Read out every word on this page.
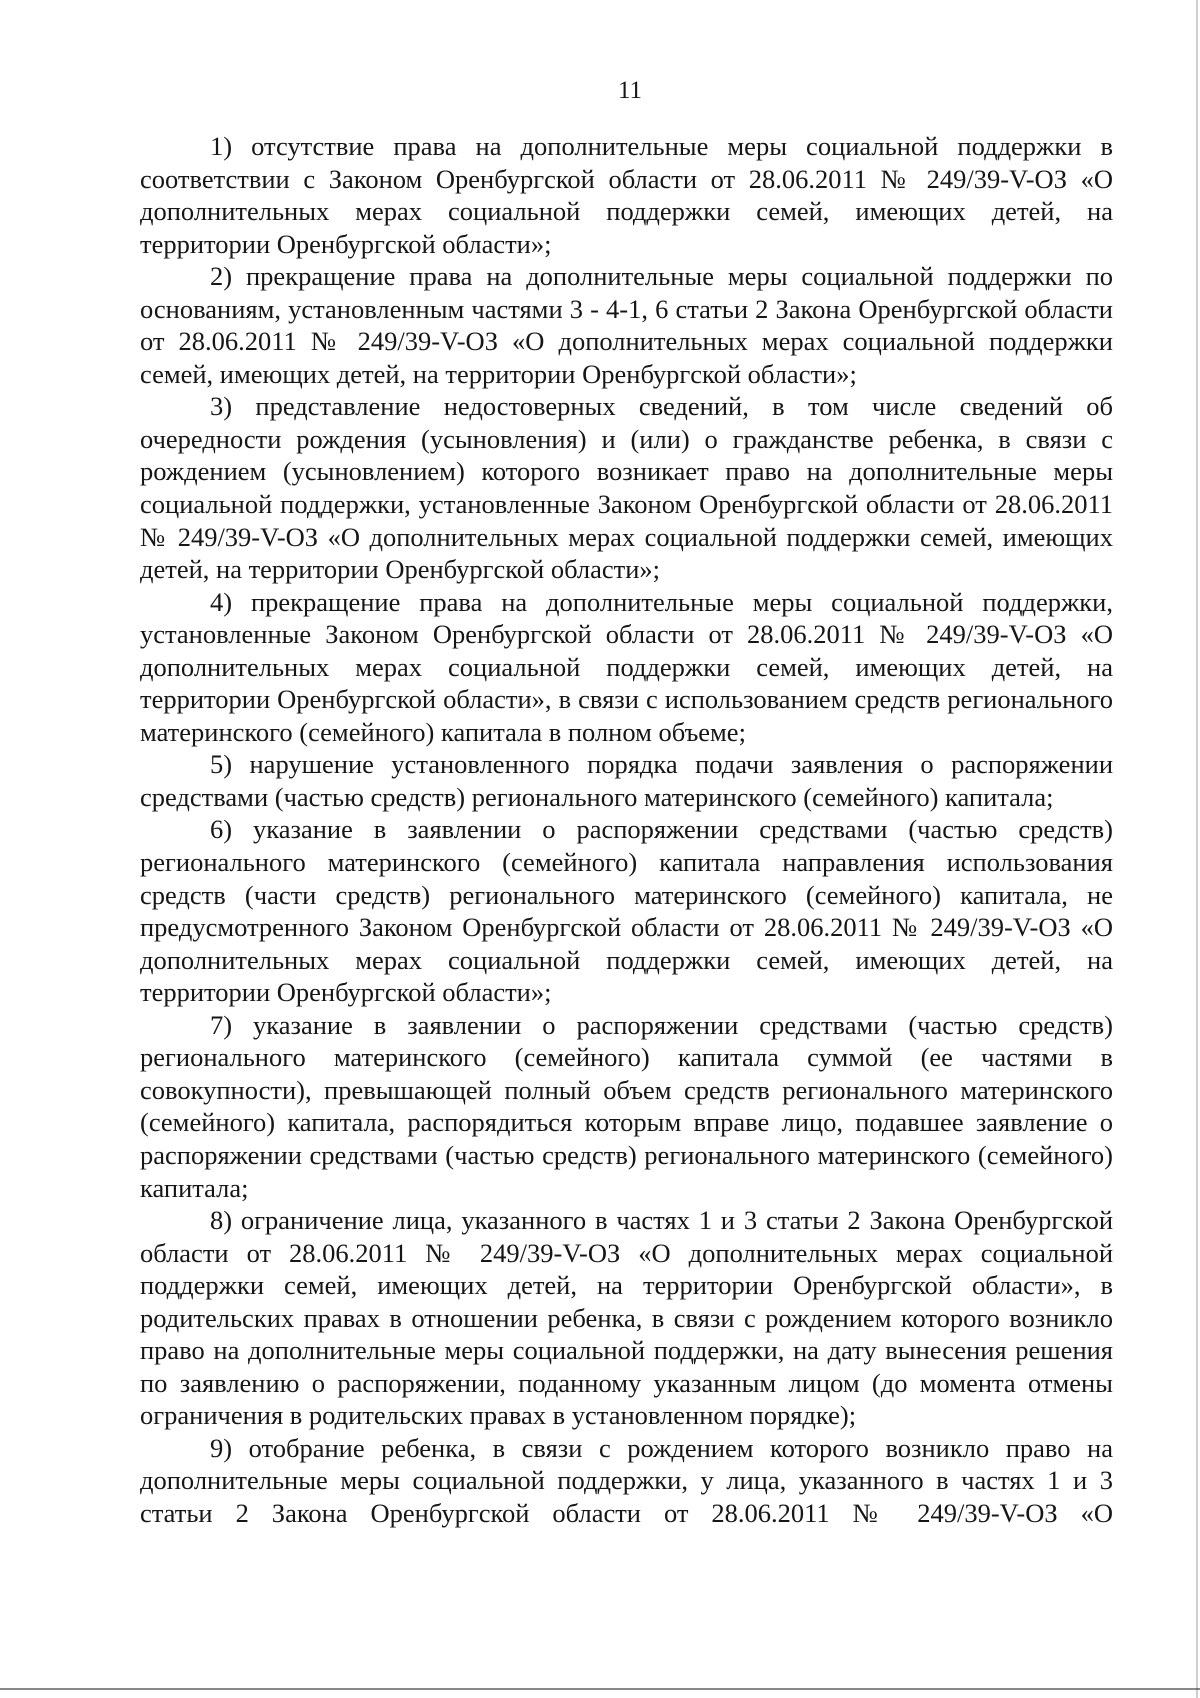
11

1) отсутствие права на дополнительные меры социальной поддержки в соответствии с Законом Оренбургской области от 28.06.2011 № 249/39-V-ОЗ «О дополнительных мерах социальной поддержки семей, имеющих детей, на территории Оренбургской области»;

2) прекращение права на дополнительные меры социальной поддержки по основаниям, установленным частями 3 - 4-1, 6 статьи 2 Закона Оренбургской области от 28.06.2011 № 249/39-V-ОЗ «О дополнительных мерах социальной поддержки семей, имеющих детей, на территории Оренбургской области»;

3) представление недостоверных сведений, в том числе сведений об очередности рождения (усыновления) и (или) о гражданстве ребенка, в связи с рождением (усыновлением) которого возникает право на дополнительные меры социальной поддержки, установленные Законом Оренбургской области от 28.06.2011 № 249/39-V-ОЗ «О дополнительных мерах социальной поддержки семей, имеющих детей, на территории Оренбургской области»;

4) прекращение права на дополнительные меры социальной поддержки, установленные Законом Оренбургской области от 28.06.2011 № 249/39-V-ОЗ «О дополнительных мерах социальной поддержки семей, имеющих детей, на территории Оренбургской области», в связи с использованием средств регионального материнского (семейного) капитала в полном объеме;

5) нарушение установленного порядка подачи заявления о распоряжении средствами (частью средств) регионального материнского (семейного) капитала;

6) указание в заявлении о распоряжении средствами (частью средств) регионального материнского (семейного) капитала направления использования средств (части средств) регионального материнского (семейного) капитала, не предусмотренного Законом Оренбургской области от 28.06.2011 № 249/39-V-ОЗ «О дополнительных мерах социальной поддержки семей, имеющих детей, на территории Оренбургской области»;

7) указание в заявлении о распоряжении средствами (частью средств) регионального материнского (семейного) капитала суммой (ее частями в совокупности), превышающей полный объем средств регионального материнского (семейного) капитала, распорядиться которым вправе лицо, подавшее заявление о распоряжении средствами (частью средств) регионального материнского (семейного) капитала;

8) ограничение лица, указанного в частях 1 и 3 статьи 2 Закона Оренбургской области от 28.06.2011 № 249/39-V-ОЗ «О дополнительных мерах социальной поддержки семей, имеющих детей, на территории Оренбургской области», в родительских правах в отношении ребенка, в связи с рождением которого возникло право на дополнительные меры социальной поддержки, на дату вынесения решения по заявлению о распоряжении, поданному указанным лицом (до момента отмены ограничения в родительских правах в установленном порядке);

9) отобрание ребенка, в связи с рождением которого возникло право на дополнительные меры социальной поддержки, у лица, указанного в частях 1 и 3 статьи 2 Закона Оренбургской области от 28.06.2011 № 249/39-V-ОЗ «О
